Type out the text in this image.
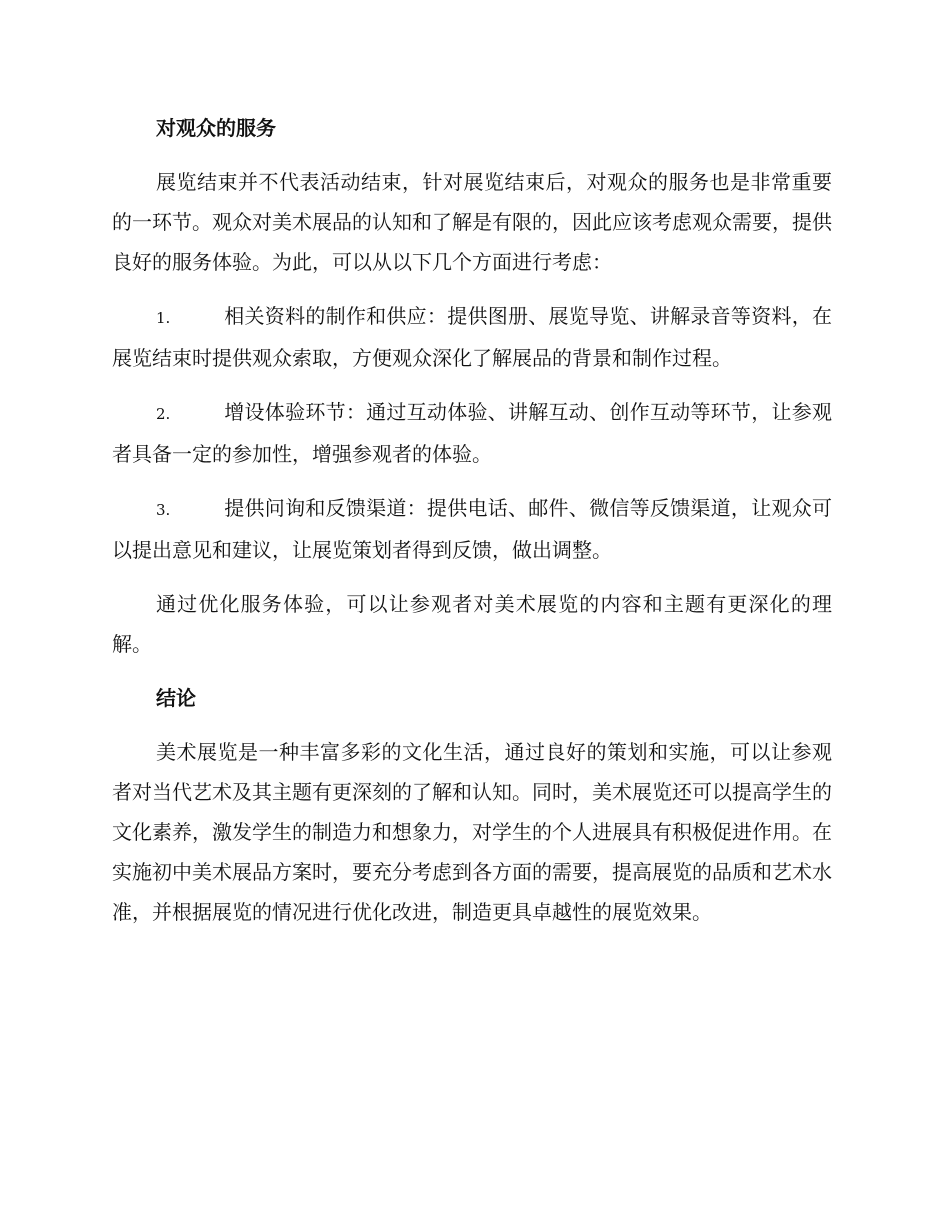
对观众的服务

展览结束并不代表活动结束，针对展览结束后，对观众的服务也是非常重要的一环节。观众对美术展品的认知和了解是有限的，因此应该考虑观众需要，提供良好的服务体验。为此，可以从以下几个方面进行考虑：

1.	相关资料的制作和供应：提供图册、展览导览、讲解录音等资料，在展览结束时提供观众索取，方便观众深化了解展品的背景和制作过程。

2.	增设体验环节：通过互动体验、讲解互动、创作互动等环节，让参观者具备一定的参加性，增强参观者的体验。

3.	提供问询和反馈渠道：提供电话、邮件、微信等反馈渠道，让观众可以提出意见和建议，让展览策划者得到反馈，做出调整。

通过优化服务体验，可以让参观者对美术展览的内容和主题有更深化的理解。

结论

美术展览是一种丰富多彩的文化生活，通过良好的策划和实施，可以让参观者对当代艺术及其主题有更深刻的了解和认知。同时，美术展览还可以提高学生的文化素养，激发学生的制造力和想象力，对学生的个人进展具有积极促进作用。在实施初中美术展品方案时，要充分考虑到各方面的需要，提高展览的品质和艺术水准，并根据展览的情况进行优化改进，制造更具卓越性的展览效果。
